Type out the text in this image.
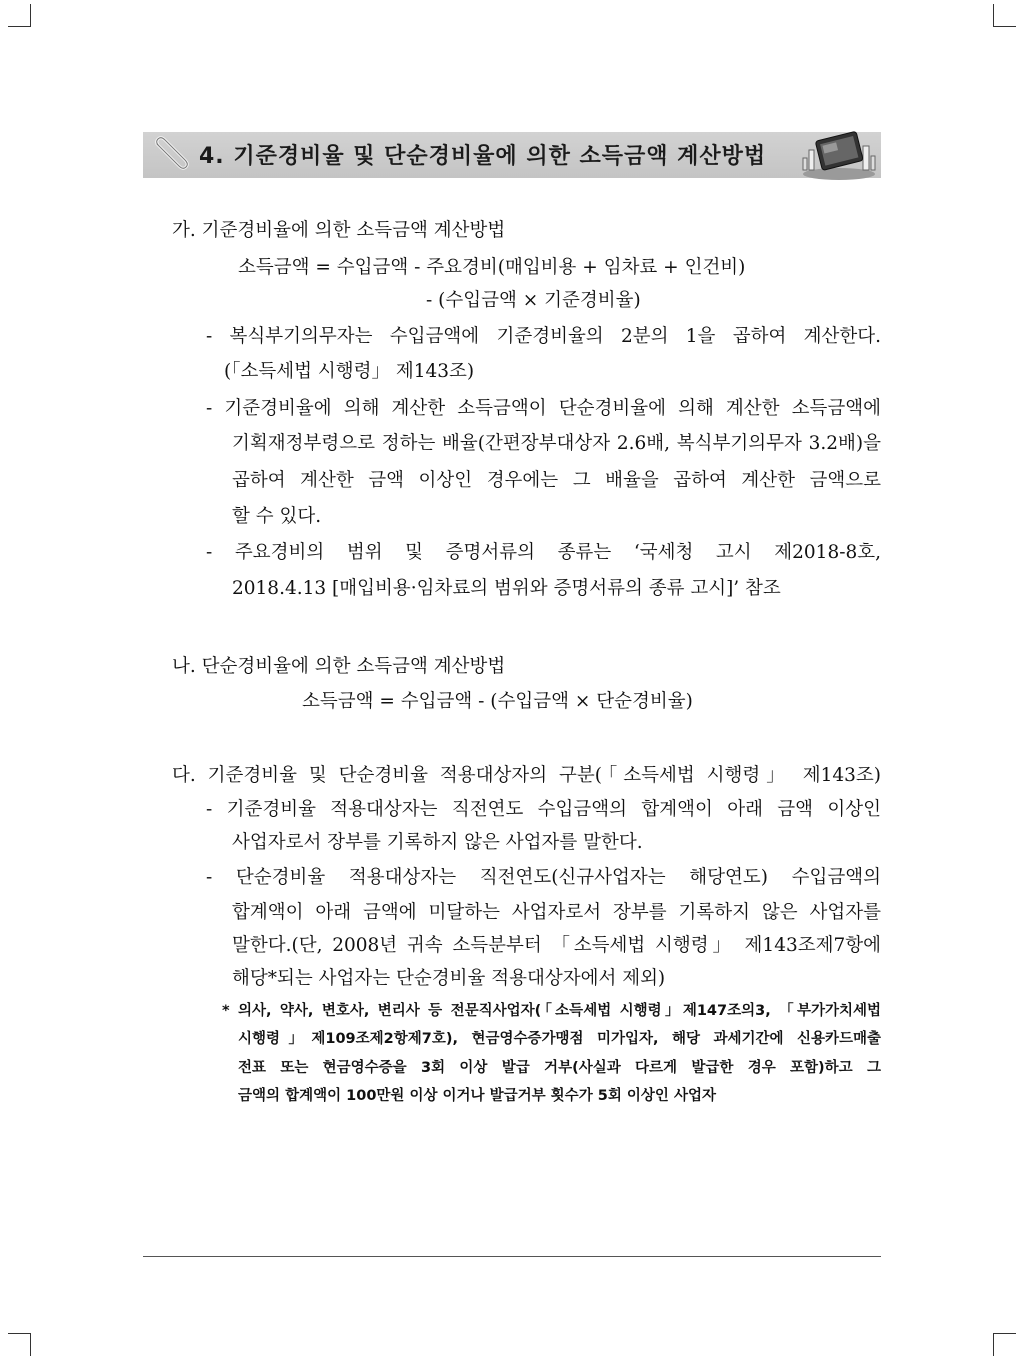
4. 기준경비율 및 단순경비율에 의한 소득금액 계산방법
가. 기준경비율에 의한 소득금액 계산방법
소득금액 = 수입금액 - 주요경비(매입비용 + 임차료 + 인건비)
- (수입금액 × 기준경비율)
- 복식부기의무자는 수입금액에 기준경비율의 2분의 1을 곱하여 계산한다.
(「소득세법 시행령」 제143조)
- 기준경비율에 의해 계산한 소득금액이 단순경비율에 의해 계산한 소득금액에
기획재정부령으로 정하는 배율(간편장부대상자 2.6배, 복식부기의무자 3.2배)을
곱하여 계산한 금액 이상인 경우에는 그 배율을 곱하여 계산한 금액으로
할 수 있다.
- 주요경비의 범위 및 증명서류의 종류는 ‘국세청 고시 제2018-8호,
2018.4.13 [매입비용·임차료의 범위와 증명서류의 종류 고시]’ 참조
나. 단순경비율에 의한 소득금액 계산방법
소득금액 = 수입금액 - (수입금액 × 단순경비율)
다. 기준경비율 및 단순경비율 적용대상자의 구분(「소득세법 시행령」 제143조)
- 기준경비율 적용대상자는 직전연도 수입금액의 합계액이 아래 금액 이상인
사업자로서 장부를 기록하지 않은 사업자를 말한다.
- 단순경비율 적용대상자는 직전연도(신규사업자는 해당연도) 수입금액의
합계액이 아래 금액에 미달하는 사업자로서 장부를 기록하지 않은 사업자를
말한다.(단, 2008년 귀속 소득분부터 「소득세법 시행령」 제143조제7항에
해당*되는 사업자는 단순경비율 적용대상자에서 제외)
* 의사, 약사, 변호사, 변리사 등 전문직사업자(「소득세법 시행령」제147조의3, 「부가가치세법
시행령」제109조제2항제7호), 현금영수증가맹점 미가입자, 해당 과세기간에 신용카드매출
전표 또는 현금영수증을 3회 이상 발급 거부(사실과 다르게 발급한 경우 포함)하고 그
금액의 합계액이 100만원 이상 이거나 발급거부 횟수가 5회 이상인 사업자
